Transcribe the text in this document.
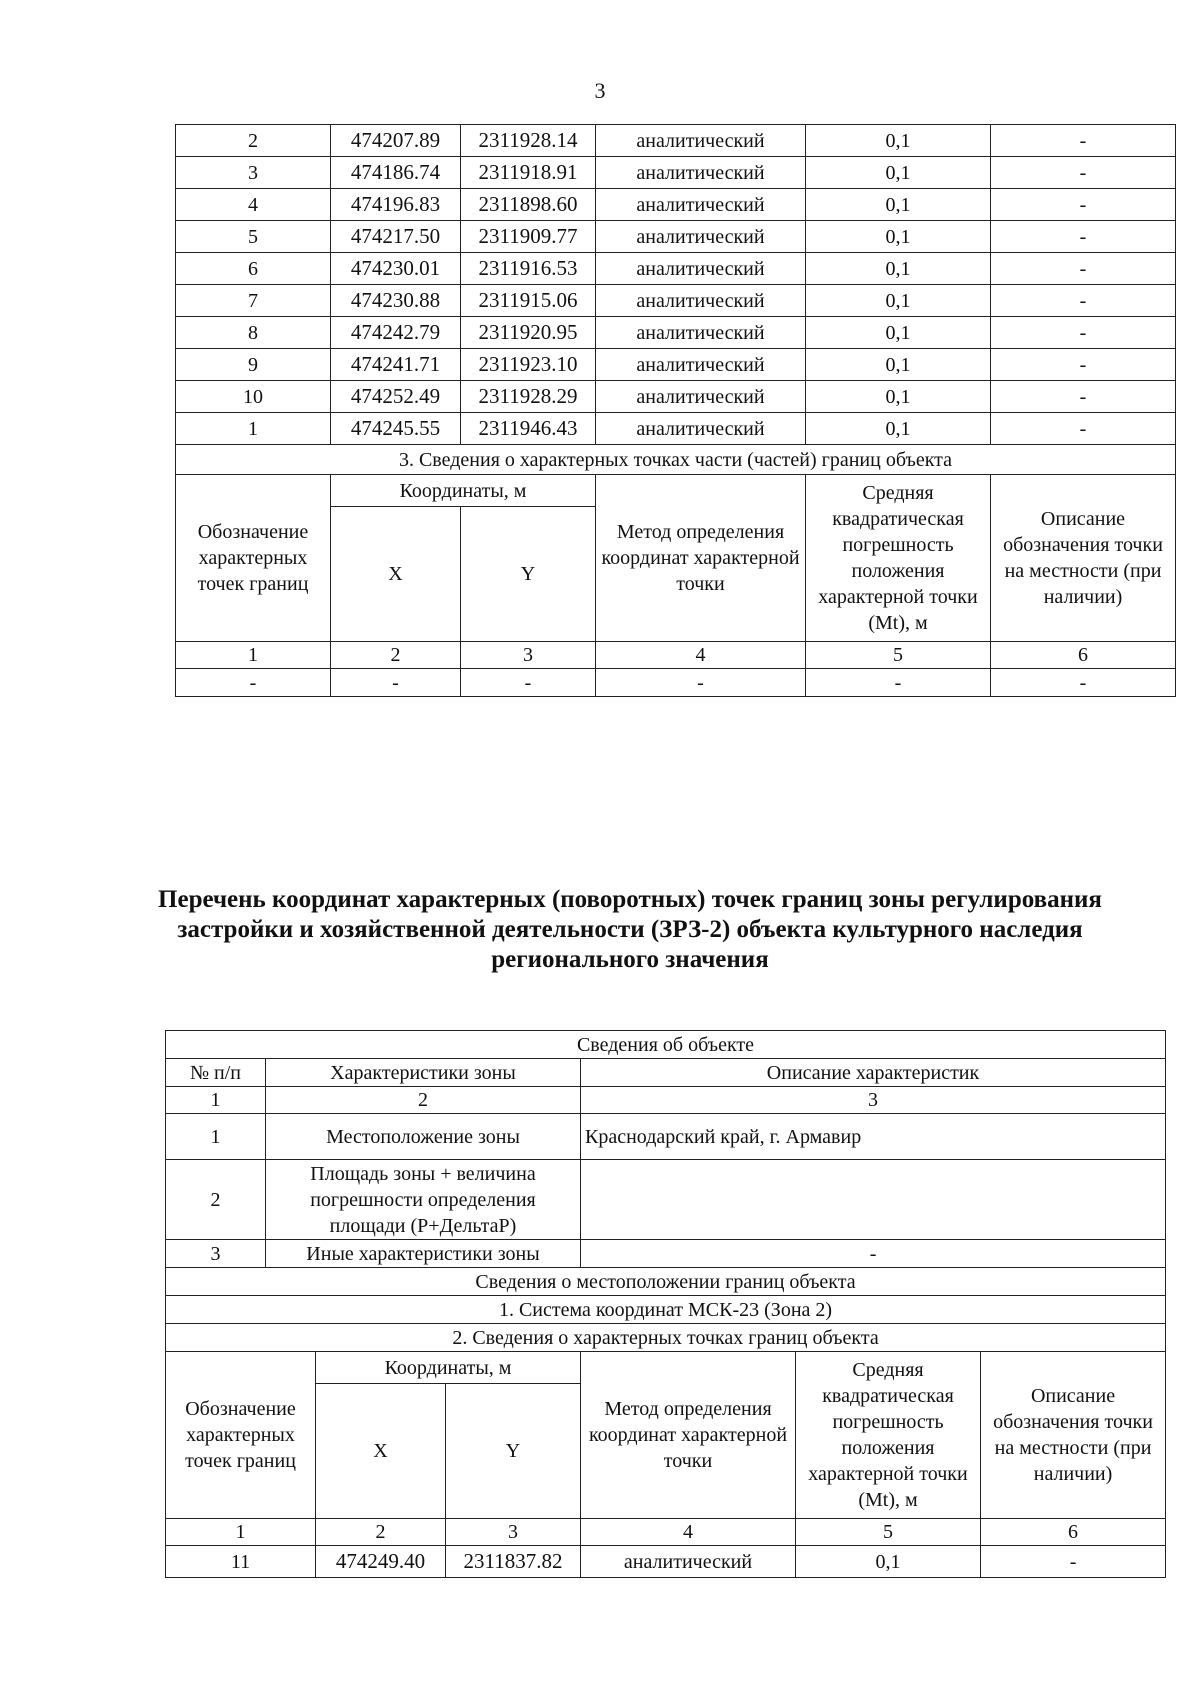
3
2	474207.89	2311928.14	аналитический	0,1	-
3	474186.74	2311918.91	аналитический	0,1	-
4	474196.83	2311898.60	аналитический	0,1	-
5	474217.50	2311909.77	аналитический	0,1	-
6	474230.01	2311916.53	аналитический	0,1	-
7	474230.88	2311915.06	аналитический	0,1	-
8	474242.79	2311920.95	аналитический	0,1	-
9	474241.71	2311923.10	аналитический	0,1	-
10	474252.49	2311928.29	аналитический	0,1	-
1	474245.55	2311946.43	аналитический	0,1	-
3. Сведения о характерных точках части (частей) границ объекта					
Обозначение характерных точек границ	Координаты, м		Метод определения координат характерной точки	Средняя квадратическая погрешность положения характерной точки (Mt), м	Описание обозначения точки на местности (при наличии)
	X	Y			
1	2	3	4	5	6
-	-	-	-	-	-
Перечень координат характерных (поворотных) точек границ зоны регулирования застройки и хозяйственной деятельности (ЗРЗ-2) объекта культурного наследия регионального значения
Сведения об объекте						
№ п/п	Характеристики зоны			Описание характеристик		
1	2			3		
1	Местоположение зоны			Краснодарский край, г. Армавир		
2	Площадь зоны + величина погрешности определения площади (P+ДельтаP)					
3	Иные характеристики зоны			-		
Сведения о местоположении границ объекта						
1. Система координат МСК-23 (Зона 2)						
2. Сведения о характерных точках границ объекта						
Обозначение характерных точек границ		Координаты, м		Метод определения координат характерной точки	Средняя квадратическая погрешность положения характерной точки (Mt), м	Описание обозначения точки на местности (при наличии)
		X	Y			
1		2	3	4	5	6
11		474249.40	2311837.82	аналитический	0,1	-
